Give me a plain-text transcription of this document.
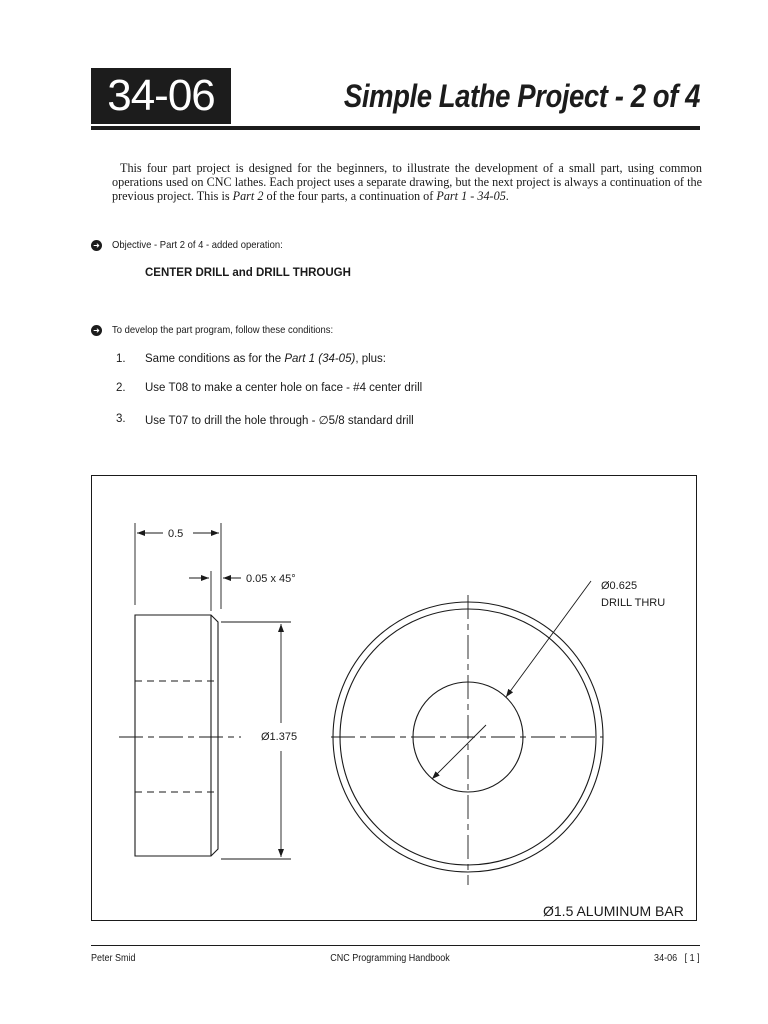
34-06	Simple Lathe Project - 2 of 4
This four part project is designed for the beginners, to illustrate the development of a small part, using common operations used on CNC lathes. Each project uses a separate drawing, but the next project is always a continuation of the previous project. This is Part 2 of the four parts, a continuation of Part 1 - 34-05.
➜ Objective - Part 2 of 4 - added operation:
CENTER DRILL and DRILL THROUGH
➜ To develop the part program, follow these conditions:
1.	Same conditions as for the Part 1 (34-05), plus:
2.	Use T08 to make a center hole on face - #4 center drill
3.	Use T07 to drill the hole through - ∅5/8 standard drill
0.5
0.05 x 45°
Ø1.375
Ø0.625
DRILL THRU
Ø1.5 ALUMINUM BAR
Peter Smid	CNC Programming Handbook	34-06   [ 1 ]
